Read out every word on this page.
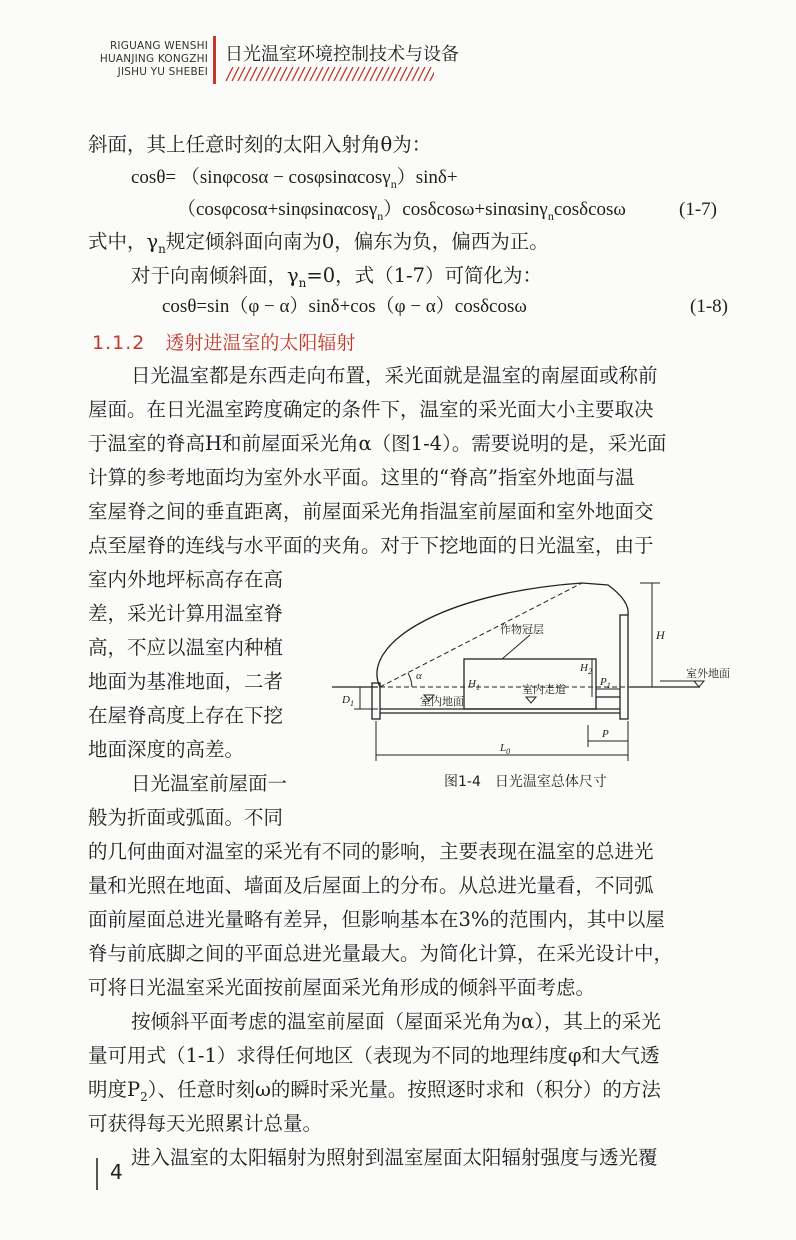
RIGUANG WENSHI
HUANJING KONGZHI
JISHU YU SHEBEI
日光温室环境控制技术与设备
斜面，其上任意时刻的太阳入射角θ为：
cosθ= （sinφcosα − cosφsinαcosγ$_n$）sinδ+
（cosφcosα+sinφsinαcosγ$_n$）cosδcosω+sinαsinγ$_n$cosδcosω	(1-7)
式中，$\gamma_n$规定倾斜面向南为0，偏东为负，偏西为正。
对于向南倾斜面，$\gamma_n=0$，式（1-7）可简化为：
cosθ=sin（φ − α）sinδ+cos（φ − α）cosδcosω	(1-8)
1.1.2 透射进温室的太阳辐射
日光温室都是东西走向布置，采光面就是温室的南屋面或称前
屋面。在日光温室跨度确定的条件下，温室的采光面大小主要取决
于温室的脊高H和前屋面采光角α（图1-4）。需要说明的是，采光面
计算的参考地面均为室外水平面。这里的“脊高”指室外地面与温
室屋脊之间的垂直距离，前屋面采光角指温室前屋面和室外地面交
点至屋脊的连线与水平面的夹角。对于下挖地面的日光温室，由于
室内外地坪标高存在高
差，采光计算用温室脊
高，不应以温室内种植
地面为基准地面，二者
在屋脊高度上存在下挖
地面深度的高差。
日光温室前屋面一
般为折面或弧面。不同
的几何曲面对温室的采光有不同的影响，主要表现在温室的总进光
量和光照在地面、墙面及后屋面上的分布。从总进光量看，不同弧
面前屋面总进光量略有差异，但影响基本在3%的范围内，其中以屋
脊与前底脚之间的平面总进光量最大。为简化计算，在采光设计中，
可将日光温室采光面按前屋面采光角形成的倾斜平面考虑。
按倾斜平面考虑的温室前屋面（屋面采光角为α），其上的采光
量可用式（1-1）求得任何地区（表现为不同的地理纬度φ和大气透
明度$P_2$）、任意时刻ω的瞬时采光量。按照逐时求和（积分）的方法
可获得每天光照累计总量。
进入温室的太阳辐射为照射到温室屋面太阳辐射强度与透光覆
作物冠层
室外地面
室内地面
室内走道
α
H
$H_1$
$H_2$
$P_1$
$D_1$
P
$L_0$
图1-4 日光温室总体尺寸
4
